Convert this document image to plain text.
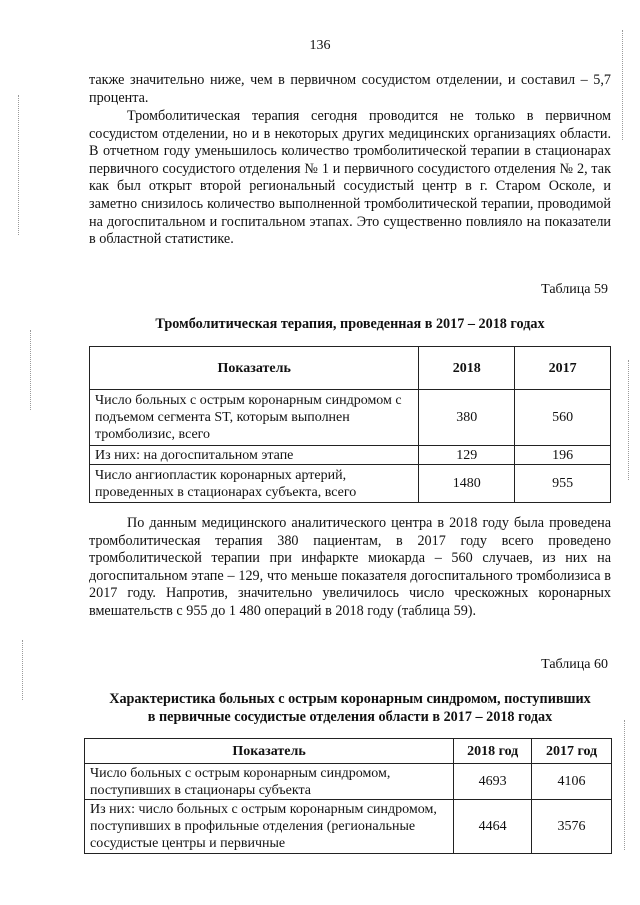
136

также значительно ниже, чем в первичном сосудистом отделении, и составил – 5,7 процента.

Тромболитическая терапия сегодня проводится не только в первичном сосудистом отделении, но и в некоторых других медицинских организациях области. В отчетном году уменьшилось количество тромболитической терапии в стационарах первичного сосудистого отделения № 1 и первичного сосудистого отделения № 2, так как был открыт второй региональный сосудистый центр в г. Старом Осколе, и заметно снизилось количество выполненной тромболитической терапии, проводимой на догоспитальном и госпитальном этапах. Это существенно повлияло на показатели в областной статистике.

Таблица 59

Тромболитическая терапия, проведенная в 2017 – 2018 годах

Показатель	2018	2017
Число больных с острым коронарным синдромом с подъемом сегмента ST, которым выполнен тромболизис, всего	380	560
Из них: на догоспитальном этапе	129	196
Число ангиопластик коронарных артерий, проведенных в стационарах субъекта, всего	1480	955

По данным медицинского аналитического центра в 2018 году была проведена тромболитическая терапия 380 пациентам, в 2017 году всего проведено тромболитической терапии при инфаркте миокарда – 560 случаев, из них на догоспитальном этапе – 129, что меньше показателя догоспитального тромболизиса в 2017 году. Напротив, значительно увеличилось число чрескожных коронарных вмешательств с 955 до 1 480 операций в 2018 году (таблица 59).

Таблица 60

Характеристика больных с острым коронарным синдромом, поступивших
в первичные сосудистые отделения области в 2017 – 2018 годах

Показатель	2018 год	2017 год
Число больных с острым коронарным синдромом, поступивших в стационары субъекта	4693	4106
Из них: число больных с острым коронарным синдромом, поступивших в профильные отделения (региональные сосудистые центры и первичные	4464	3576
